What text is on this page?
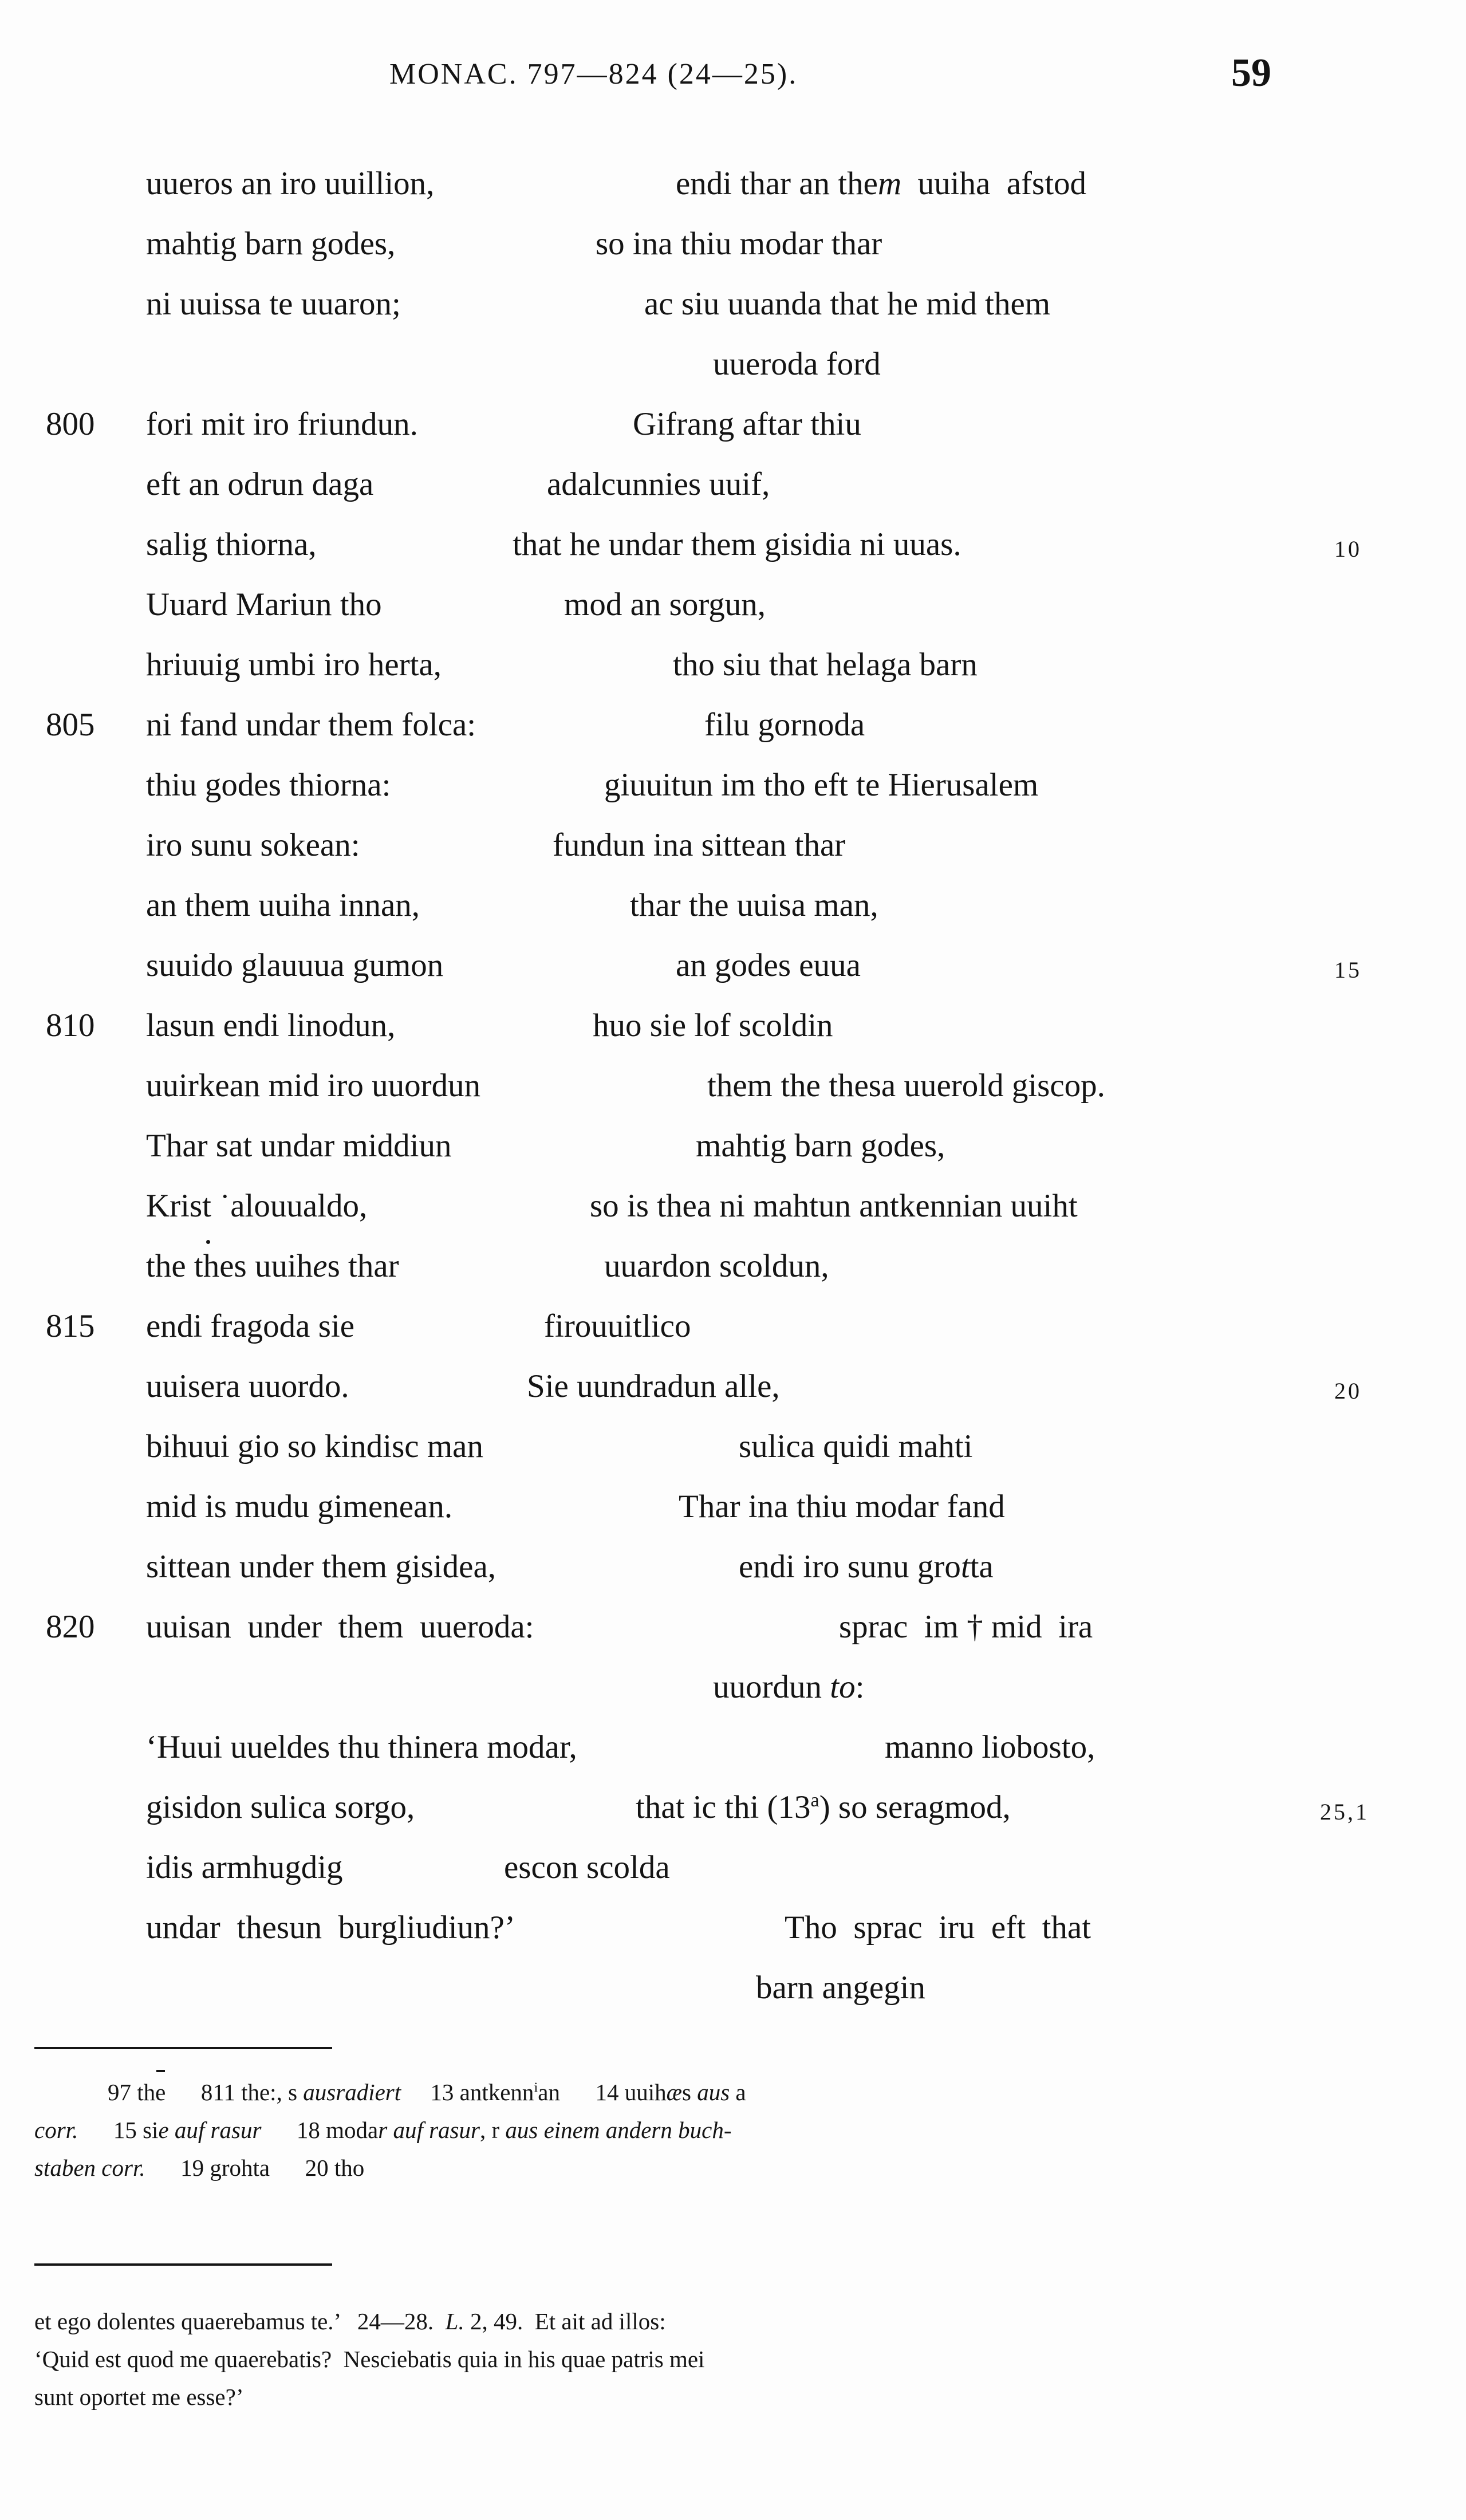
MONAC. 797—824 (24—25).	59

uueros an iro uuillion,

	endi thar an them  uuiha  afstod

mahtig barn godes,

	so ina thiu modar thar

ni uuissa te uuaron;

	ac siu uuanda that he mid them

uueroda ford

800

	fori mit iro friundun.

	Gifrang aftar thiu

eft an odrun daga

	adalcunnies uuif,

salig thiorna,

	that he undar them gisidia ni uuas.

	10

Uuard Mariun tho

	mod an sorgun,

hriuuig umbi iro herta,

	tho siu that helaga barn

805

	ni fand undar them folca:

	filu gornoda

thiu godes thiorna:

	giuuitun im tho eft te Hierusalem

iro sunu sokean:

	fundun ina sittean thar

an them uuiha innan,

	thar the uuisa man,

suuido glauuua gumon

	an godes euua

	15

810

	lasun endi linodun,

	huo sie lof scoldin

uuirkean mid iro uuordun

	them the thesa uuerold giscop.

Thar sat undar middiun

	mahtig barn godes,

Krist ˙alouualdo,

	so is thea ni mahtun antkennian uuiht

the thes uuihes thar

	uuardon scoldun,

815

	endi fragoda sie

	firouuitlico

uuisera uuordo.

	Sie uundradun alle,

	20

bihuui gio so kindisc man

	sulica quidi mahti

mid is mudu gimenean.

	Thar ina thiu modar fand

sittean under them gisidea,

	endi iro sunu grotta

820

	uuisan  under  them  uueroda:

	sprac  im † mid  ira

uuordun to:

‘Huui uueldes thu thinera modar,

	manno liobosto,

gisidon sulica sorgo,

	that ic thi (13$^a$) so seragmod,

	25,1

idis armhugdig

	escon scolda

undar  thesun  burgliudiun?’

	Tho  sprac  iru  eft  that

barn angegin

97 the      811 the:, s ausradiert     13 antkenn$^i$an      14 uuihæs aus a
corr.      15 sie auf rasur      18 modar auf rasur, r aus einem andern buch-
staben corr.      19 grohta      20 tho
et ego dolentes quaerebamus te.’   24—28.  L. 2, 49.  Et ait ad illos:
‘Quid est quod me quaerebatis?  Nesciebatis quia in his quae patris mei
sunt oportet me esse?’
